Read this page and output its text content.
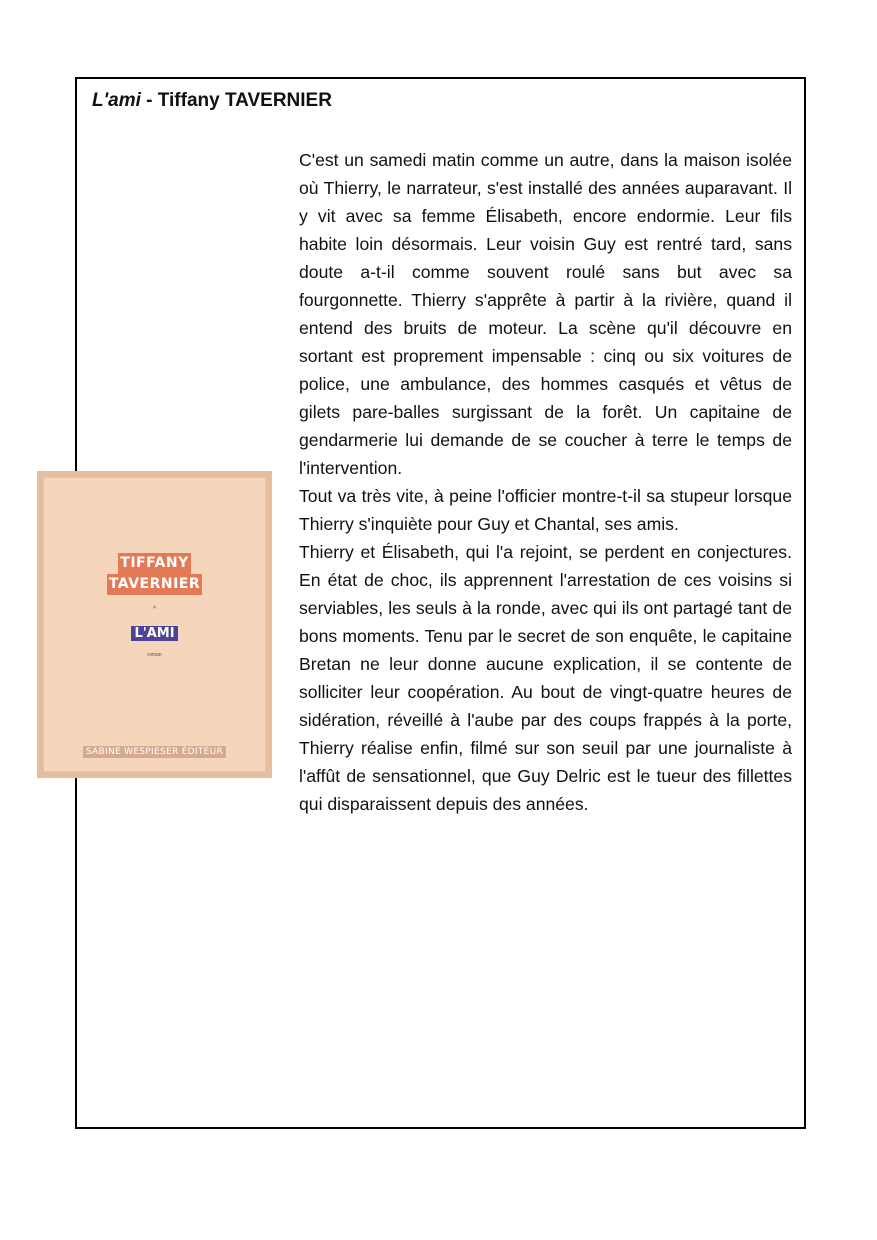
L'ami - Tiffany TAVERNIER
TIFFANY
TAVERNIER
●
L'AMI
roman
SABINE WESPIESER ÉDITEUR

C'est un samedi matin comme un autre, dans la maison isolée où Thierry, le narrateur, s'est installé des années auparavant. Il y vit avec sa femme Élisabeth, encore endormie. Leur fils habite loin désormais. Leur voisin Guy est rentré tard, sans doute a-t-il comme souvent roulé sans but avec sa fourgonnette. Thierry s'apprête à partir à la rivière, quand il entend des bruits de moteur. La scène qu'il découvre en sortant est proprement impensable : cinq ou six voitures de police, une ambulance, des hommes casqués et vêtus de gilets pare-balles surgissant de la forêt. Un capitaine de gendarmerie lui demande de se coucher à terre le temps de l'intervention.

Tout va très vite, à peine l'officier montre-t-il sa stupeur lorsque Thierry s'inquiète pour Guy et Chantal, ses amis.

Thierry et Élisabeth, qui l'a rejoint, se perdent en conjectures. En état de choc, ils apprennent l'arrestation de ces voisins si serviables, les seuls à la ronde, avec qui ils ont partagé tant de bons moments. Tenu par le secret de son enquête, le capitaine Bretan ne leur donne aucune explication, il se contente de solliciter leur coopération. Au bout de vingt-quatre heures de sidération, réveillé à l'aube par des coups frappés à la porte, Thierry réalise enfin, filmé sur son seuil par une journaliste à l'affût de sensationnel, que Guy Delric est le tueur des fillettes qui disparaissent depuis des années.
